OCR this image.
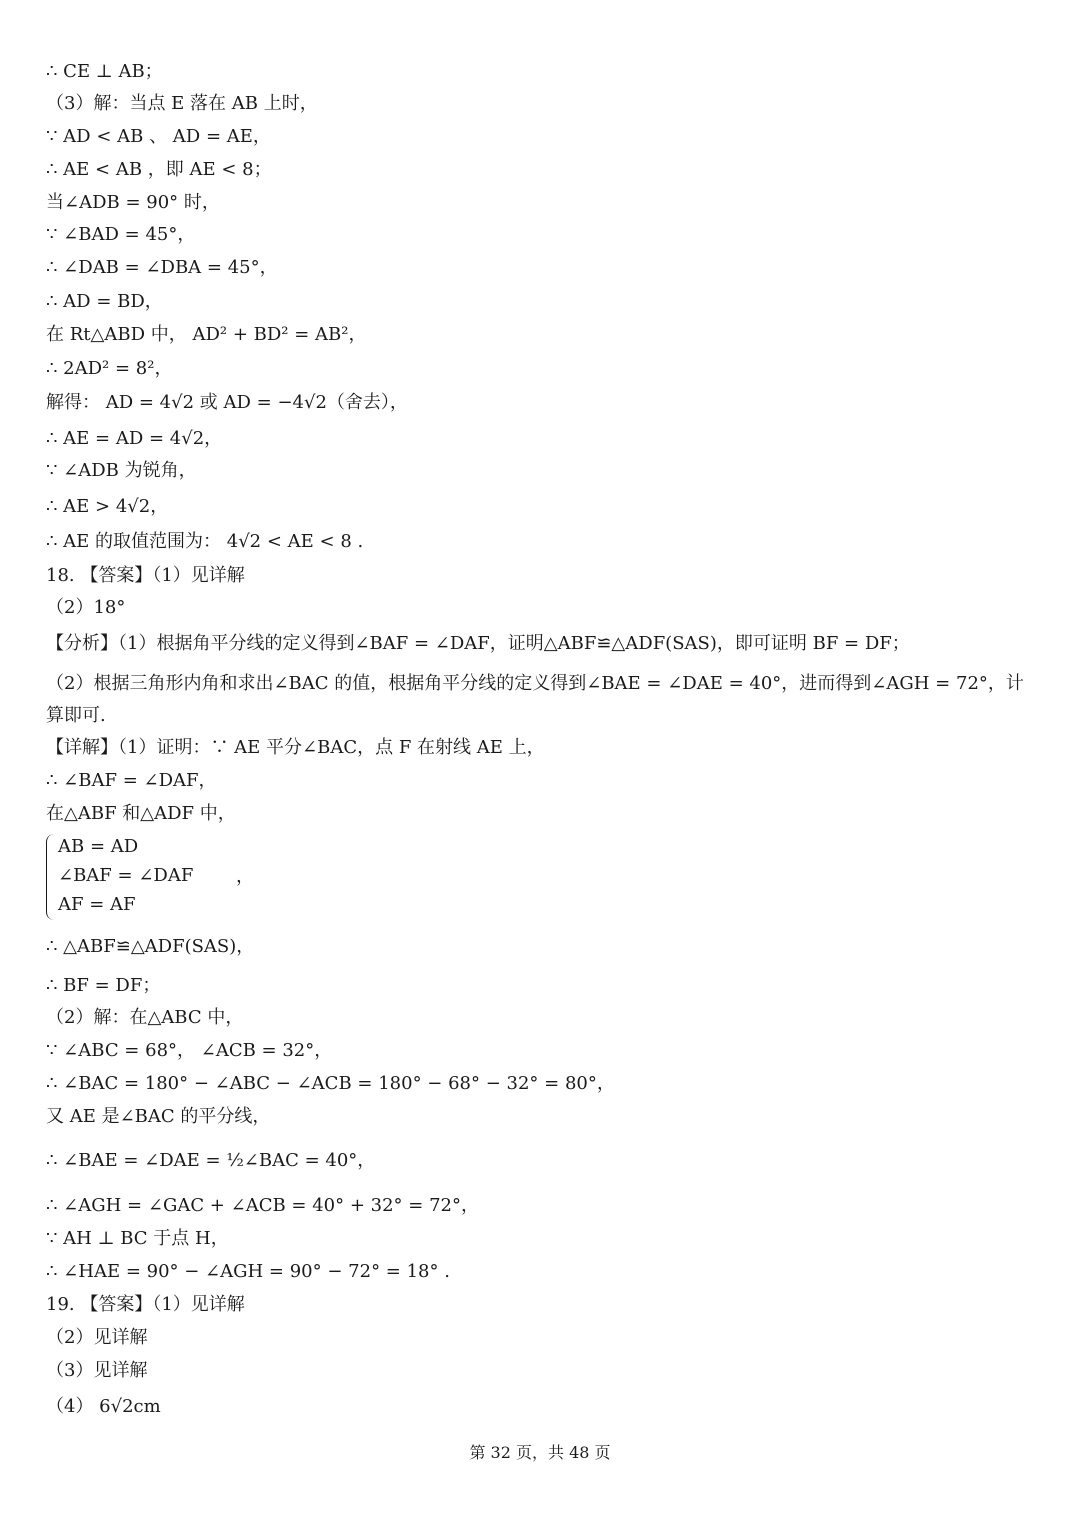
∴ CE ⊥ AB；
（3）解：当点 E 落在 AB 上时，
∵ AD < AB 、 AD = AE，
∴ AE < AB ，即 AE < 8；
当∠ADB = 90° 时，
∵ ∠BAD = 45°，
∴ ∠DAB = ∠DBA = 45°，
∴ AD = BD，
在 Rt△ABD 中， AD² + BD² = AB²，
∴ 2AD² = 8²，
解得： AD = 4√2 或 AD = −4√2（舍去），
∴ AE = AD = 4√2，
∵ ∠ADB 为锐角，
∴ AE > 4√2，
∴ AE 的取值范围为： 4√2 < AE < 8 .
18. 【答案】（1）见详解
（2）18°
【分析】（1）根据角平分线的定义得到∠BAF = ∠DAF，证明△ABF≌△ADF(SAS)，即可证明 BF = DF；
（2）根据三角形内角和求出∠BAC 的值，根据角平分线的定义得到∠BAE = ∠DAE = 40°，进而得到∠AGH = 72°，计算即可.
【详解】（1）证明：∵ AE 平分∠BAC，点 F 在射线 AE 上，
∴ ∠BAF = ∠DAF，
在△ABF 和△ADF 中，
∴ △ABF≌△ADF(SAS)，
∴ BF = DF；
（2）解：在△ABC 中，
∵ ∠ABC = 68°， ∠ACB = 32°，
∴ ∠BAC = 180° − ∠ABC − ∠ACB = 180° − 68° − 32° = 80°，
又 AE 是∠BAC 的平分线，
∴ ∠BAE = ∠DAE = ½∠BAC = 40°，
∴ ∠AGH = ∠GAC + ∠ACB = 40° + 32° = 72°，
∵ AH ⊥ BC 于点 H，
∴ ∠HAE = 90° − ∠AGH = 90° − 72° = 18° .
19. 【答案】（1）见详解
（2）见详解
（3）见详解
（4） 6√2cm
AB = AD
∠BAF = ∠DAF
AF = AF
，
第 32 页，共 48 页
